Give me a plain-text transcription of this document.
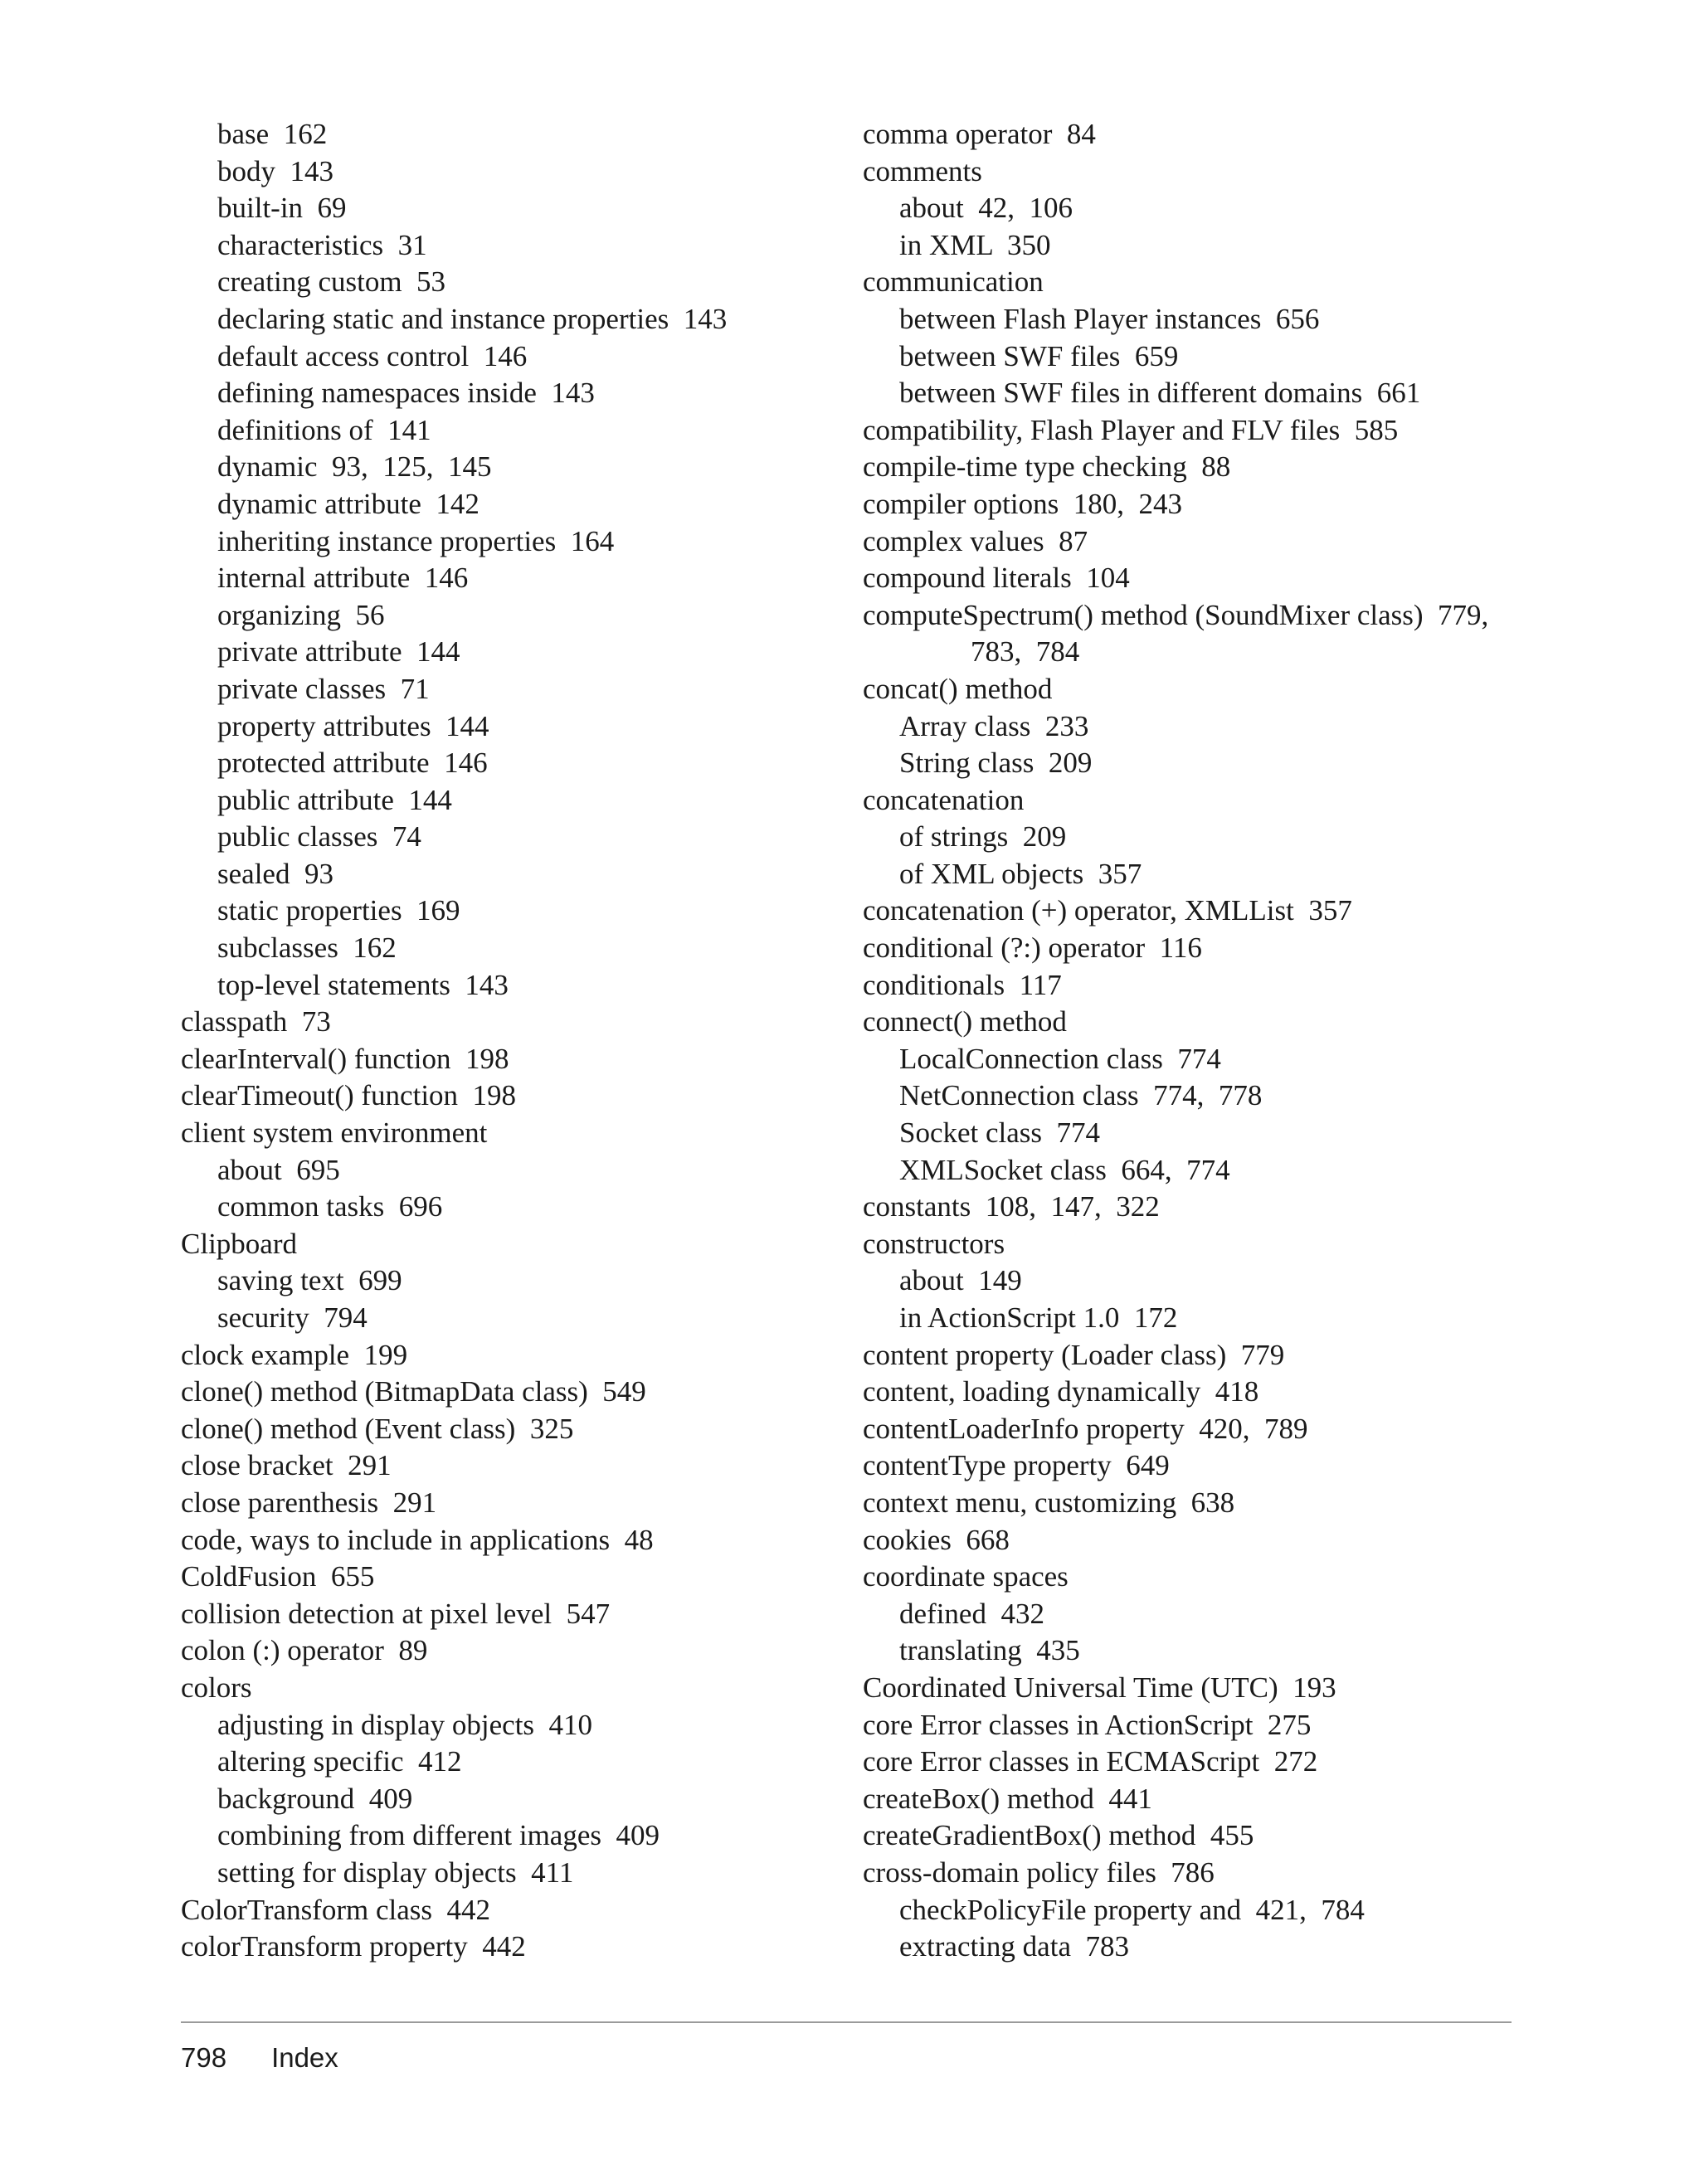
base  162
body  143
built-in  69
characteristics  31
creating custom  53
declaring static and instance properties  143
default access control  146
defining namespaces inside  143
definitions of  141
dynamic  93,  125,  145
dynamic attribute  142
inheriting instance properties  164
internal attribute  146
organizing  56
private attribute  144
private classes  71
property attributes  144
protected attribute  146
public attribute  144
public classes  74
sealed  93
static properties  169
subclasses  162
top-level statements  143
classpath  73
clearInterval() function  198
clearTimeout() function  198
client system environment
about  695
common tasks  696
Clipboard
saving text  699
security  794
clock example  199
clone() method (BitmapData class)  549
clone() method (Event class)  325
close bracket  291
close parenthesis  291
code, ways to include in applications  48
ColdFusion  655
collision detection at pixel level  547
colon (:) operator  89
colors
adjusting in display objects  410
altering specific  412
background  409
combining from different images  409
setting for display objects  411
ColorTransform class  442
colorTransform property  442
comma operator  84
comments
about  42,  106
in XML  350
communication
between Flash Player instances  656
between SWF files  659
between SWF files in different domains  661
compatibility, Flash Player and FLV files  585
compile-time type checking  88
compiler options  180,  243
complex values  87
compound literals  104
computeSpectrum() method (SoundMixer class)  779,
783,  784
concat() method
Array class  233
String class  209
concatenation
of strings  209
of XML objects  357
concatenation (+) operator, XMLList  357
conditional (?:) operator  116
conditionals  117
connect() method
LocalConnection class  774
NetConnection class  774,  778
Socket class  774
XMLSocket class  664,  774
constants  108,  147,  322
constructors
about  149
in ActionScript 1.0  172
content property (Loader class)  779
content, loading dynamically  418
contentLoaderInfo property  420,  789
contentType property  649
context menu, customizing  638
cookies  668
coordinate spaces
defined  432
translating  435
Coordinated Universal Time (UTC)  193
core Error classes in ActionScript  275
core Error classes in ECMAScript  272
createBox() method  441
createGradientBox() method  455
cross-domain policy files  786
checkPolicyFile property and  421,  784
extracting data  783
798 Index
